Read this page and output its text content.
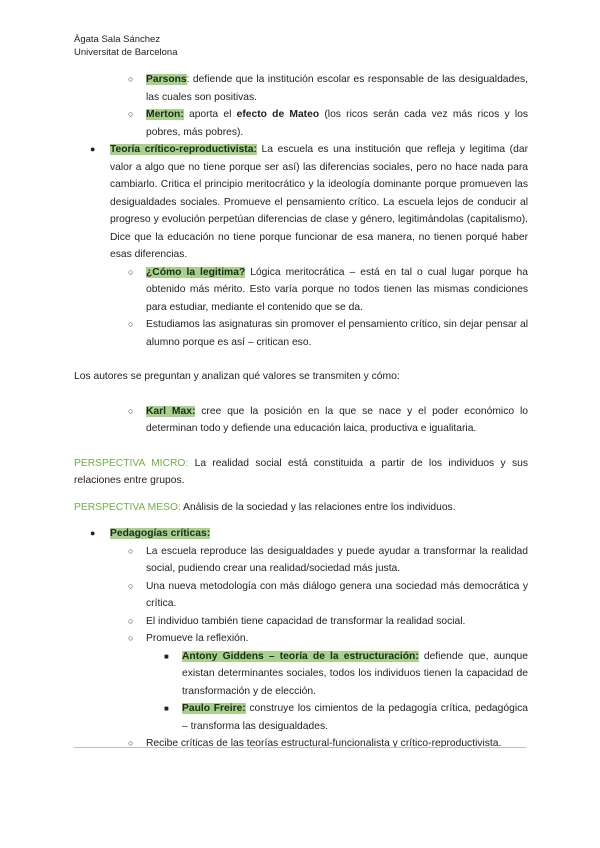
Àgata Sala Sánchez
Universitat de Barcelona
○ Parsons: defiende que la institución escolar es responsable de las desigualdades, las cuales son positivas.
○ Merton: aporta el efecto de Mateo (los ricos serán cada vez más ricos y los pobres, más pobres).
● Teoría crítico-reproductivista: La escuela es una institución que refleja y legitima (dar valor a algo que no tiene porque ser así) las diferencias sociales, pero no hace nada para cambiarlo. Critica el principio meritocrático y la ideología dominante porque promueven las desigualdades sociales. Promueve el pensamiento crítico. La escuela lejos de conducir al progreso y evolución perpetúan diferencias de clase y género, legitimándolas (capitalismo). Dice que la educación no tiene porque funcionar de esa manera, no tienen porqué haber esas diferencias.
○ ¿Cómo la legitima? Lógica meritocrática – está en tal o cual lugar porque ha obtenido más mérito. Esto varía porque no todos tienen las mismas condiciones para estudiar, mediante el contenido que se da.
○ Estudiamos las asignaturas sin promover el pensamiento crítico, sin dejar pensar al alumno porque es así – critican eso.

Los autores se preguntan y analizan qué valores se transmiten y cómo:

○ Karl Max: cree que la posición en la que se nace y el poder económico lo determinan todo y defiende una educación laica, productiva e igualitaria.

PERSPECTIVA MICRO: La realidad social está constituida a partir de los individuos y sus relaciones entre grupos.

PERSPECTIVA MESO: Análisis de la sociedad y las relaciones entre los individuos.

● Pedagogías críticas:
○ La escuela reproduce las desigualdades y puede ayudar a transformar la realidad social, pudiendo crear una realidad/sociedad más justa.
○ Una nueva metodología con más diálogo genera una sociedad más democrática y crítica.
○ El individuo también tiene capacidad de transformar la realidad social.
○ Promueve la reflexión.
■ Antony Giddens – teoría de la estructuración: defiende que, aunque existan determinantes sociales, todos los individuos tienen la capacidad de transformación y de elección.
■ Paulo Freire: construye los cimientos de la pedagogía crítica, pedagógica – transforma las desigualdades.
○ Recibe críticas de las teorías estructural-funcionalista y crítico-reproductivista.
